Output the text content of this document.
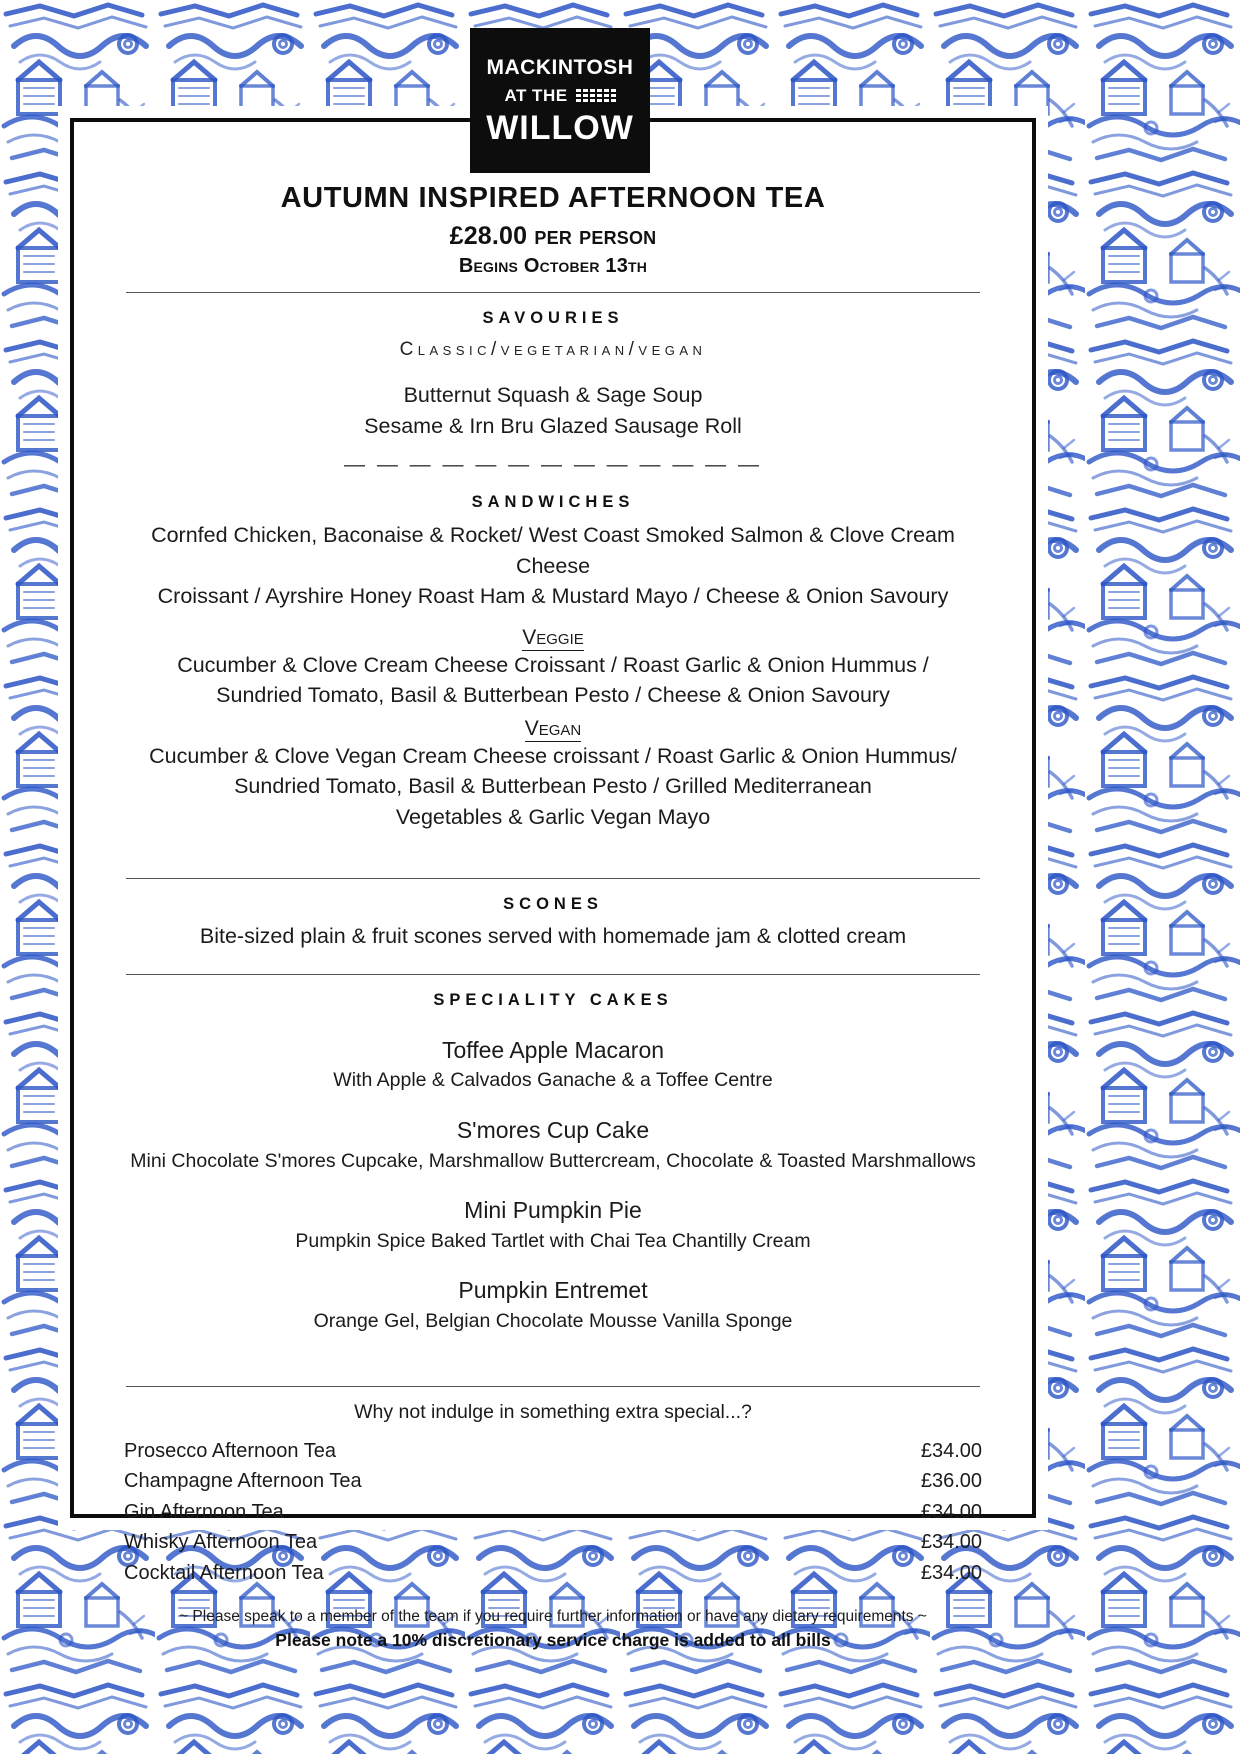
MACKINTOSH
AT THE
WILLOW
AUTUMN INSPIRED AFTERNOON TEA
£28.00 per person
Begins October 13th
SAVOURIES
Classic/vegetarian/vegan
Butternut Squash & Sage Soup
Sesame & Irn Bru Glazed Sausage Roll
— — — — — — — — — — — — —
SANDWICHES
Cornfed Chicken, Baconaise & Rocket/ West Coast Smoked Salmon & Clove Cream Cheese
Croissant / Ayrshire Honey Roast Ham & Mustard Mayo / Cheese & Onion Savoury
Veggie
Cucumber & Clove Cream Cheese Croissant / Roast Garlic & Onion Hummus /
Sundried Tomato, Basil & Butterbean Pesto / Cheese & Onion Savoury
Vegan
Cucumber & Clove Vegan Cream Cheese croissant / Roast Garlic & Onion Hummus/
Sundried Tomato, Basil & Butterbean Pesto / Grilled Mediterranean
Vegetables & Garlic Vegan Mayo
SCONES
Bite-sized plain & fruit scones served with homemade jam & clotted cream
SPECIALITY CAKES
Toffee Apple Macaron
With Apple & Calvados Ganache & a Toffee Centre
S'mores Cup Cake
Mini Chocolate S'mores Cupcake, Marshmallow Buttercream, Chocolate & Toasted Marshmallows
Mini Pumpkin Pie
Pumpkin Spice Baked Tartlet with Chai Tea Chantilly Cream
Pumpkin Entremet
Orange Gel, Belgian Chocolate Mousse Vanilla Sponge
Why not indulge in something extra special...?
Prosecco Afternoon Tea	£34.00
Champagne Afternoon Tea	£36.00
Gin Afternoon Tea	£34.00
Whisky Afternoon Tea	£34.00
Cocktail Afternoon Tea	£34.00
~ Please speak to a member of the team if you require further information or have any dietary requirements ~
Please note a 10% discretionary service charge is added to all bills
